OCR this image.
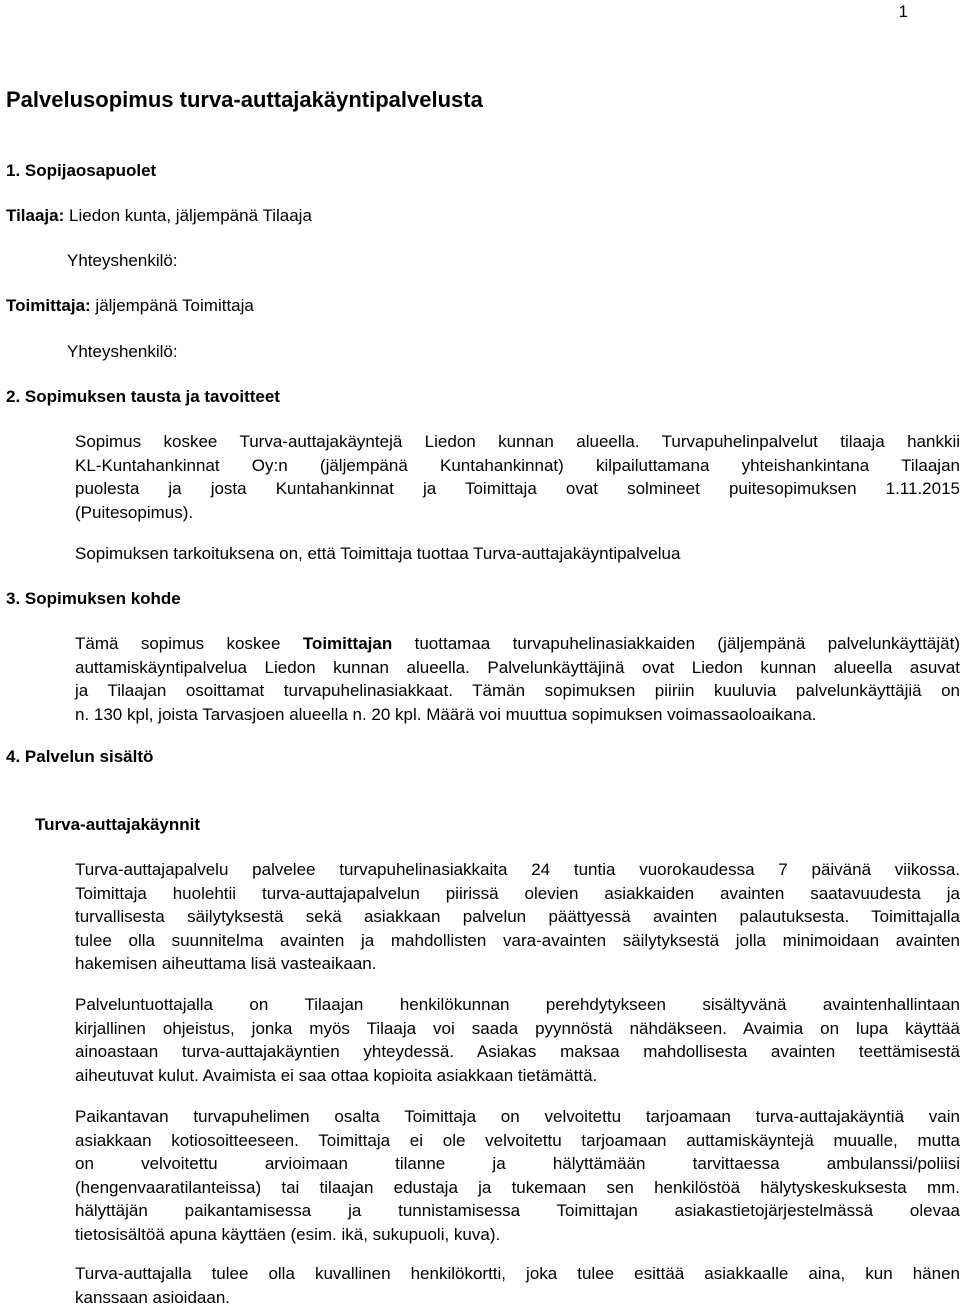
1
Palvelusopimus turva-auttajakäyntipalvelusta
1. Sopijaosapuolet
Tilaaja: Liedon kunta, jäljempänä Tilaaja
Yhteyshenkilö:
Toimittaja: jäljempänä Toimittaja
Yhteyshenkilö:
2. Sopimuksen tausta ja tavoitteet
Sopimus koskee Turva-auttajakäyntejä Liedon kunnan alueella. Turvapuhelinpalvelut tilaaja hankkii
KL-Kuntahankinnat Oy:n (jäljempänä Kuntahankinnat) kilpailuttamana yhteishankintana Tilaajan
puolesta ja josta Kuntahankinnat ja Toimittaja ovat solmineet puitesopimuksen 1.11.2015
(Puitesopimus).
Sopimuksen tarkoituksena on, että Toimittaja tuottaa Turva-auttajakäyntipalvelua
3. Sopimuksen kohde
Tämä sopimus koskee Toimittajan tuottamaa turvapuhelinasiakkaiden (jäljempänä palvelunkäyttäjät)
auttamiskäyntipalvelua Liedon kunnan alueella. Palvelunkäyttäjinä ovat Liedon kunnan alueella asuvat
ja Tilaajan osoittamat turvapuhelinasiakkaat. Tämän sopimuksen piiriin kuuluvia palvelunkäyttäjiä on
n. 130 kpl, joista Tarvasjoen alueella n. 20 kpl. Määrä voi muuttua sopimuksen voimassaoloaikana.
4. Palvelun sisältö
Turva-auttajakäynnit
Turva-auttajapalvelu palvelee turvapuhelinasiakkaita 24 tuntia vuorokaudessa 7 päivänä viikossa.
Toimittaja huolehtii turva-auttajapalvelun piirissä olevien asiakkaiden avainten saatavuudesta ja
turvallisesta säilytyksestä sekä asiakkaan palvelun päättyessä avainten palautuksesta. Toimittajalla
tulee olla suunnitelma avainten ja mahdollisten vara-avainten säilytyksestä jolla minimoidaan avainten
hakemisen aiheuttama lisä vasteaikaan.
Palveluntuottajalla on Tilaajan henkilökunnan perehdytykseen sisältyvänä avaintenhallintaan
kirjallinen ohjeistus, jonka myös Tilaaja voi saada pyynnöstä nähdäkseen. Avaimia on lupa käyttää
ainoastaan turva-auttajakäyntien yhteydessä. Asiakas maksaa mahdollisesta avainten teettämisestä
aiheutuvat kulut. Avaimista ei saa ottaa kopioita asiakkaan tietämättä.
Paikantavan turvapuhelimen osalta Toimittaja on velvoitettu tarjoamaan turva-auttajakäyntiä vain
asiakkaan kotiosoitteeseen. Toimittaja ei ole velvoitettu tarjoamaan auttamiskäyntejä muualle, mutta
on velvoitettu arvioimaan tilanne ja hälyttämään tarvittaessa ambulanssi/poliisi
(hengenvaaratilanteissa) tai tilaajan edustaja ja tukemaan sen henkilöstöä hälytyskeskuksesta mm.
hälyttäjän paikantamisessa ja tunnistamisessa Toimittajan asiakastietojärjestelmässä olevaa
tietosisältöä apuna käyttäen (esim. ikä, sukupuoli, kuva).
Turva-auttajalla tulee olla kuvallinen henkilökortti, joka tulee esittää asiakkaalle aina, kun hänen
kanssaan asioidaan.
